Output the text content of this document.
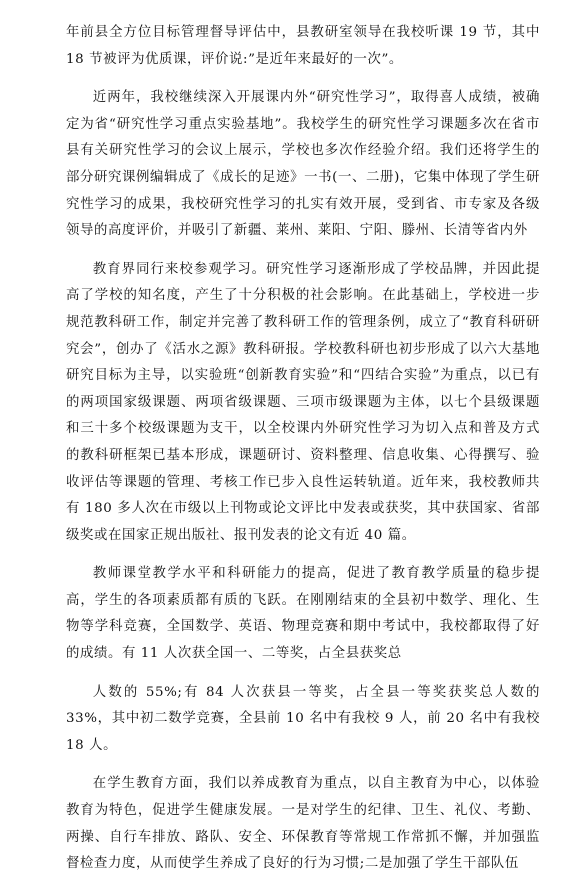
年前县全方位目标管理督导评估中，县教研室领导在我校听课 19 节，其中 18 节被评为优质课，评价说:”是近年来最好的一次”。

近两年，我校继续深入开展课内外“研究性学习”，取得喜人成绩，被确定为省“研究性学习重点实验基地”。我校学生的研究性学习课题多次在省市县有关研究性学习的会议上展示，学校也多次作经验介绍。我们还将学生的部分研究课例编辑成了《成长的足迹》一书(一、二册)，它集中体现了学生研究性学习的成果，我校研究性学习的扎实有效开展，受到省、市专家及各级领导的高度评价，并吸引了新疆、莱州、莱阳、宁阳、滕州、长清等省内外

教育界同行来校参观学习。研究性学习逐渐形成了学校品牌，并因此提高了学校的知名度，产生了十分积极的社会影响。在此基础上，学校进一步规范教科研工作，制定并完善了教科研工作的管理条例，成立了“教育科研研究会”，创办了《活水之源》教科研报。学校教科研也初步形成了以六大基地研究目标为主导，以实验班“创新教育实验”和“四结合实验”为重点，以已有的两项国家级课题、两项省级课题、三项市级课题为主体，以七个县级课题和三十多个校级课题为支干，以全校课内外研究性学习为切入点和普及方式的教科研框架已基本形成，课题研讨、资料整理、信息收集、心得撰写、验收评估等课题的管理、考核工作已步入良性运转轨道。近年来，我校教师共有 180 多人次在市级以上刊物或论文评比中发表或获奖，其中获国家、省部级奖或在国家正规出版社、报刊发表的论文有近 40 篇。

教师课堂教学水平和科研能力的提高，促进了教育教学质量的稳步提高，学生的各项素质都有质的飞跃。在刚刚结束的全县初中数学、理化、生物等学科竞赛，全国数学、英语、物理竞赛和期中考试中，我校都取得了好的成绩。有 11 人次获全国一、二等奖，占全县获奖总

人数的 55%;有 84 人次获县一等奖，占全县一等奖获奖总人数的 33%，其中初二数学竞赛，全县前 10 名中有我校 9 人，前 20 名中有我校 18 人。

在学生教育方面，我们以养成教育为重点，以自主教育为中心，以体验教育为特色，促进学生健康发展。一是对学生的纪律、卫生、礼仪、考勤、两操、自行车排放、路队、安全、环保教育等常规工作常抓不懈，并加强监督检查力度，从而使学生养成了良好的行为习惯;二是加强了学生干部队伍
